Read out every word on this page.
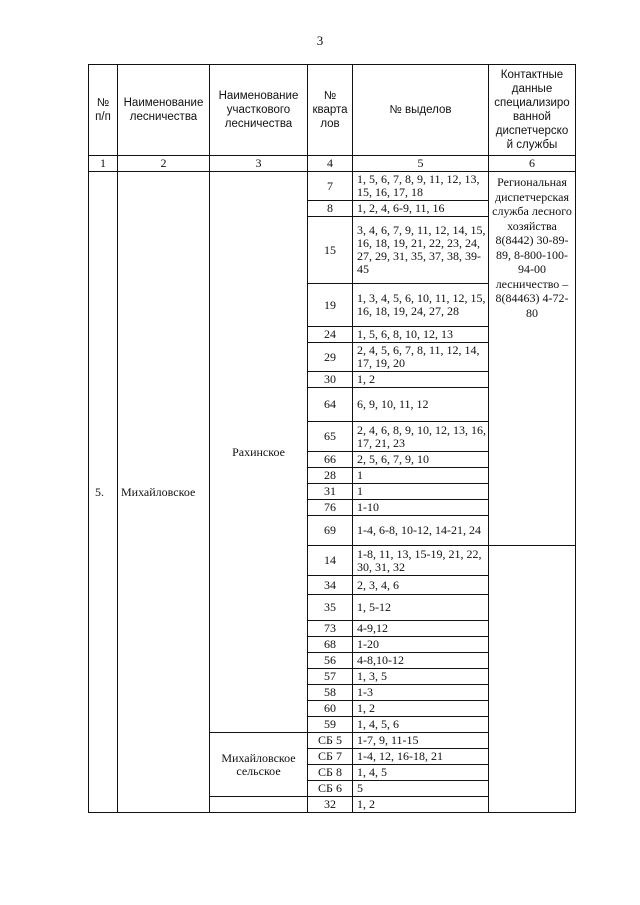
3
№ п/п	Наименование лесничества	Наименование участкового лесничества	№ кварта лов	№ выделов	Контактные данные специализиро ванной диспетчерско й службы
1	2	3	4	5	6
5.	Михайловское	Рахинское	7	1, 5, 6, 7, 8, 9, 11, 12, 13, 15, 16, 17, 18	Региональная диспетчерская служба лесного хозяйства 8(8442) 30-89-89, 8-800-100-94-00 лесничество – 8(84463) 4-72-80
			8	1, 2, 4, 6-9, 11, 16	
			15	3, 4, 6, 7, 9, 11, 12, 14, 15, 16, 18, 19, 21, 22, 23, 24, 27, 29, 31, 35, 37, 38, 39-45	
			19	1, 3, 4, 5, 6, 10, 11, 12, 15, 16, 18, 19, 24, 27, 28	
			24	1, 5, 6, 8, 10, 12, 13	
			29	2, 4, 5, 6, 7, 8, 11, 12, 14, 17, 19, 20	
			30	1, 2	
			64	6, 9, 10, 11, 12	
			65	2, 4, 6, 8, 9, 10, 12, 13, 16, 17, 21, 23	
			66	2, 5, 6, 7, 9, 10	
			28	1	
			31	1	
			76	1-10	
			69	1-4, 6-8, 10-12, 14-21, 24	
			14	1-8, 11, 13, 15-19, 21, 22, 30, 31, 32	
			34	2, 3, 4, 6	
			35	1, 5-12	
			73	4-9,12	
			68	1-20	
			56	4-8,10-12	
			57	1, 3, 5	
			58	1-3	
			60	1, 2	
			59	1, 4, 5, 6	
		Михайловское сельское	СБ 5	1-7, 9, 11-15	
			СБ 7	1-4, 12, 16-18, 21	
			СБ 8	1, 4, 5	
			СБ 6	5	
			32	1, 2	
